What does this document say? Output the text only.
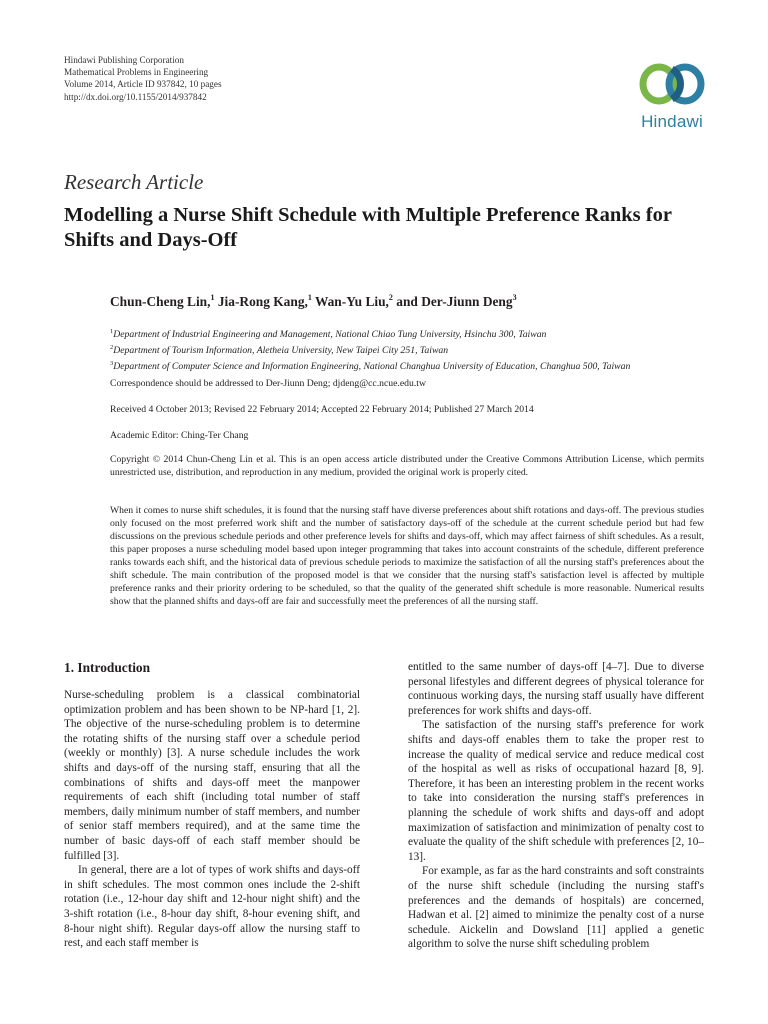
Hindawi Publishing Corporation
Mathematical Problems in Engineering
Volume 2014, Article ID 937842, 10 pages
http://dx.doi.org/10.1155/2014/937842
Hindawi
Research Article
Modelling a Nurse Shift Schedule with Multiple Preference Ranks for Shifts and Days-Off
Chun-Cheng Lin,$^1$ Jia-Rong Kang,$^1$ Wan-Yu Liu,$^2$ and Der-Jiunn Deng$^3$
$^1$Department of Industrial Engineering and Management, National Chiao Tung University, Hsinchu 300, Taiwan
$^2$Department of Tourism Information, Aletheia University, New Taipei City 251, Taiwan
$^3$Department of Computer Science and Information Engineering, National Changhua University of Education, Changhua 500, Taiwan
Correspondence should be addressed to Der-Jiunn Deng; djdeng@cc.ncue.edu.tw
Received 4 October 2013; Revised 22 February 2014; Accepted 22 February 2014; Published 27 March 2014
Academic Editor: Ching-Ter Chang
Copyright © 2014 Chun-Cheng Lin et al. This is an open access article distributed under the Creative Commons Attribution License, which permits unrestricted use, distribution, and reproduction in any medium, provided the original work is properly cited.
When it comes to nurse shift schedules, it is found that the nursing staff have diverse preferences about shift rotations and days-off. The previous studies only focused on the most preferred work shift and the number of satisfactory days-off of the schedule at the current schedule period but had few discussions on the previous schedule periods and other preference levels for shifts and days-off, which may affect fairness of shift schedules. As a result, this paper proposes a nurse scheduling model based upon integer programming that takes into account constraints of the schedule, different preference ranks towards each shift, and the historical data of previous schedule periods to maximize the satisfaction of all the nursing staff's preferences about the shift schedule. The main contribution of the proposed model is that we consider that the nursing staff's satisfaction level is affected by multiple preference ranks and their priority ordering to be scheduled, so that the quality of the generated shift schedule is more reasonable. Numerical results show that the planned shifts and days-off are fair and successfully meet the preferences of all the nursing staff.
1. Introduction

Nurse-scheduling problem is a classical combinatorial optimization problem and has been shown to be NP-hard [1, 2]. The objective of the nurse-scheduling problem is to determine the rotating shifts of the nursing staff over a schedule period (weekly or monthly) [3]. A nurse schedule includes the work shifts and days-off of the nursing staff, ensuring that all the combinations of shifts and days-off meet the manpower requirements of each shift (including total number of staff members, daily minimum number of staff members, and number of senior staff members required), and at the same time the number of basic days-off of each staff member should be fulfilled [3].

In general, there are a lot of types of work shifts and days-off in shift schedules. The most common ones include the 2-shift rotation (i.e., 12-hour day shift and 12-hour night shift) and the 3-shift rotation (i.e., 8-hour day shift, 8-hour evening shift, and 8-hour night shift). Regular days-off allow the nursing staff to rest, and each staff member is

entitled to the same number of days-off [4–7]. Due to diverse personal lifestyles and different degrees of physical tolerance for continuous working days, the nursing staff usually have different preferences for work shifts and days-off.

The satisfaction of the nursing staff's preference for work shifts and days-off enables them to take the proper rest to increase the quality of medical service and reduce medical cost of the hospital as well as risks of occupational hazard [8, 9]. Therefore, it has been an interesting problem in the recent works to take into consideration the nursing staff's preferences in planning the schedule of work shifts and days-off and adopt maximization of satisfaction and minimization of penalty cost to evaluate the quality of the shift schedule with preferences [2, 10–13].

For example, as far as the hard constraints and soft constraints of the nurse shift schedule (including the nursing staff's preferences and the demands of hospitals) are concerned, Hadwan et al. [2] aimed to minimize the penalty cost of a nurse schedule. Aickelin and Dowsland [11] applied a genetic algorithm to solve the nurse shift scheduling problem
